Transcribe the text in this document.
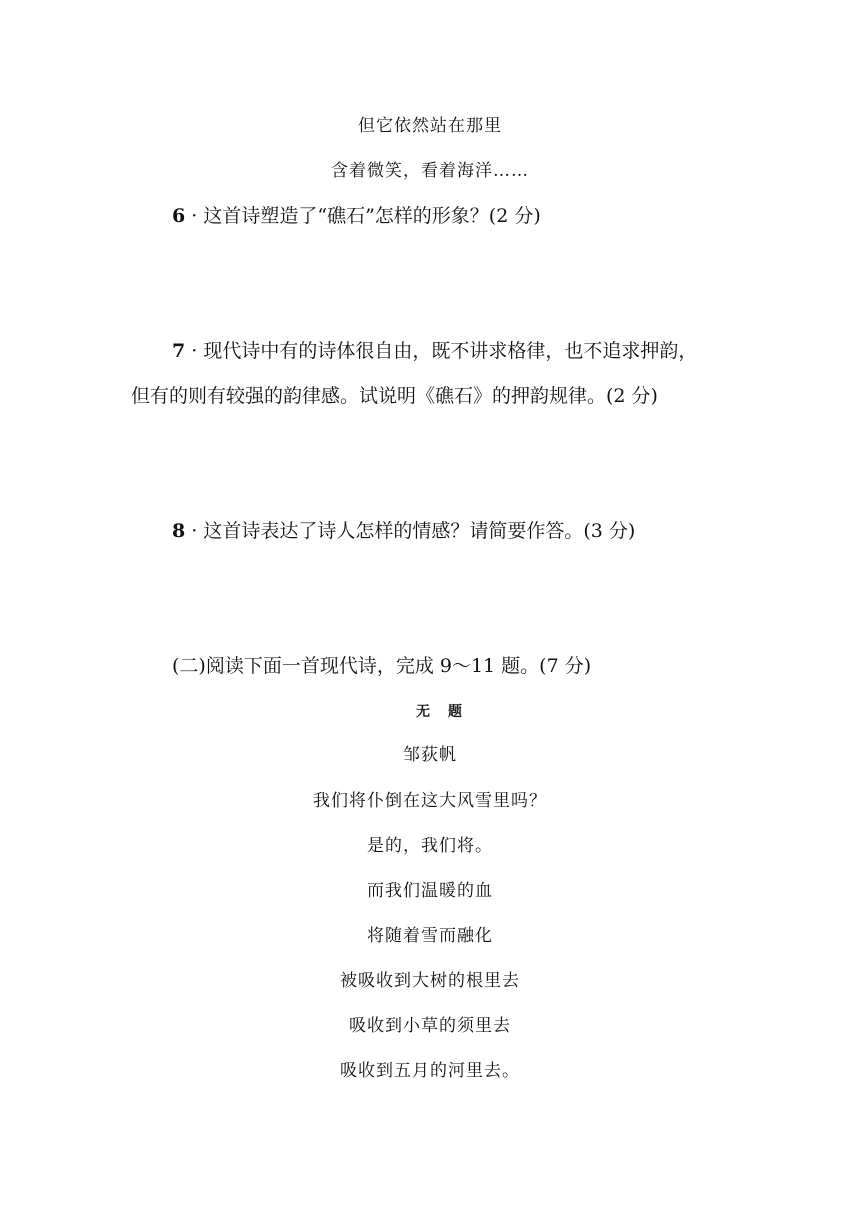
但它依然站在那里
含着微笑，看着海洋……
6 · 这首诗塑造了“礁石”怎样的形象？(2 分)
7 · 现代诗中有的诗体很自由，既不讲求格律，也不追求押韵，
但有的则有较强的韵律感。试说明《礁石》的押韵规律。(2 分)
8 · 这首诗表达了诗人怎样的情感？请简要作答。(3 分)
(二)阅读下面一首现代诗，完成 9～11 题。(7 分)
无题
邹荻帆
我们将仆倒在这大风雪里吗？
是的，我们将。
而我们温暖的血
将随着雪而融化
被吸收到大树的根里去
吸收到小草的须里去
吸收到五月的河里去。
